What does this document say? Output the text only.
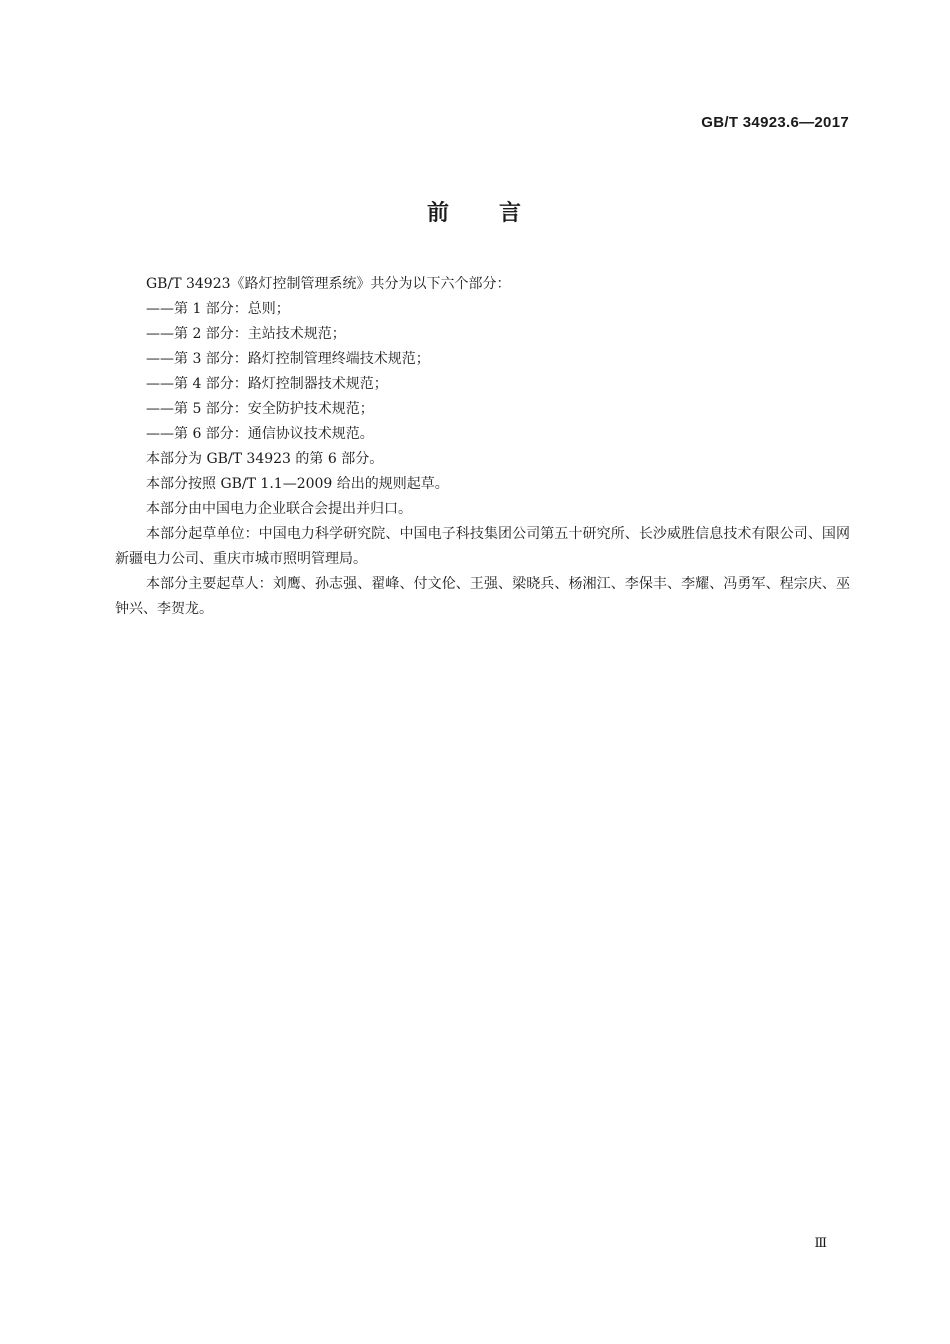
GB/T 34923.6—2017
前 言

GB/T 34923《路灯控制管理系统》共分为以下六个部分：

——第 1 部分：总则；

——第 2 部分：主站技术规范；

——第 3 部分：路灯控制管理终端技术规范；

——第 4 部分：路灯控制器技术规范；

——第 5 部分：安全防护技术规范；

——第 6 部分：通信协议技术规范。

本部分为 GB/T 34923 的第 6 部分。

本部分按照 GB/T 1.1—2009 给出的规则起草。

本部分由中国电力企业联合会提出并归口。

本部分起草单位：中国电力科学研究院、中国电子科技集团公司第五十研究所、长沙威胜信息技术有限公司、国网新疆电力公司、重庆市城市照明管理局。

本部分主要起草人：刘鹰、孙志强、翟峰、付文伦、王强、梁晓兵、杨湘江、李保丰、李耀、冯勇军、程宗庆、巫钟兴、李贺龙。

Ⅲ
